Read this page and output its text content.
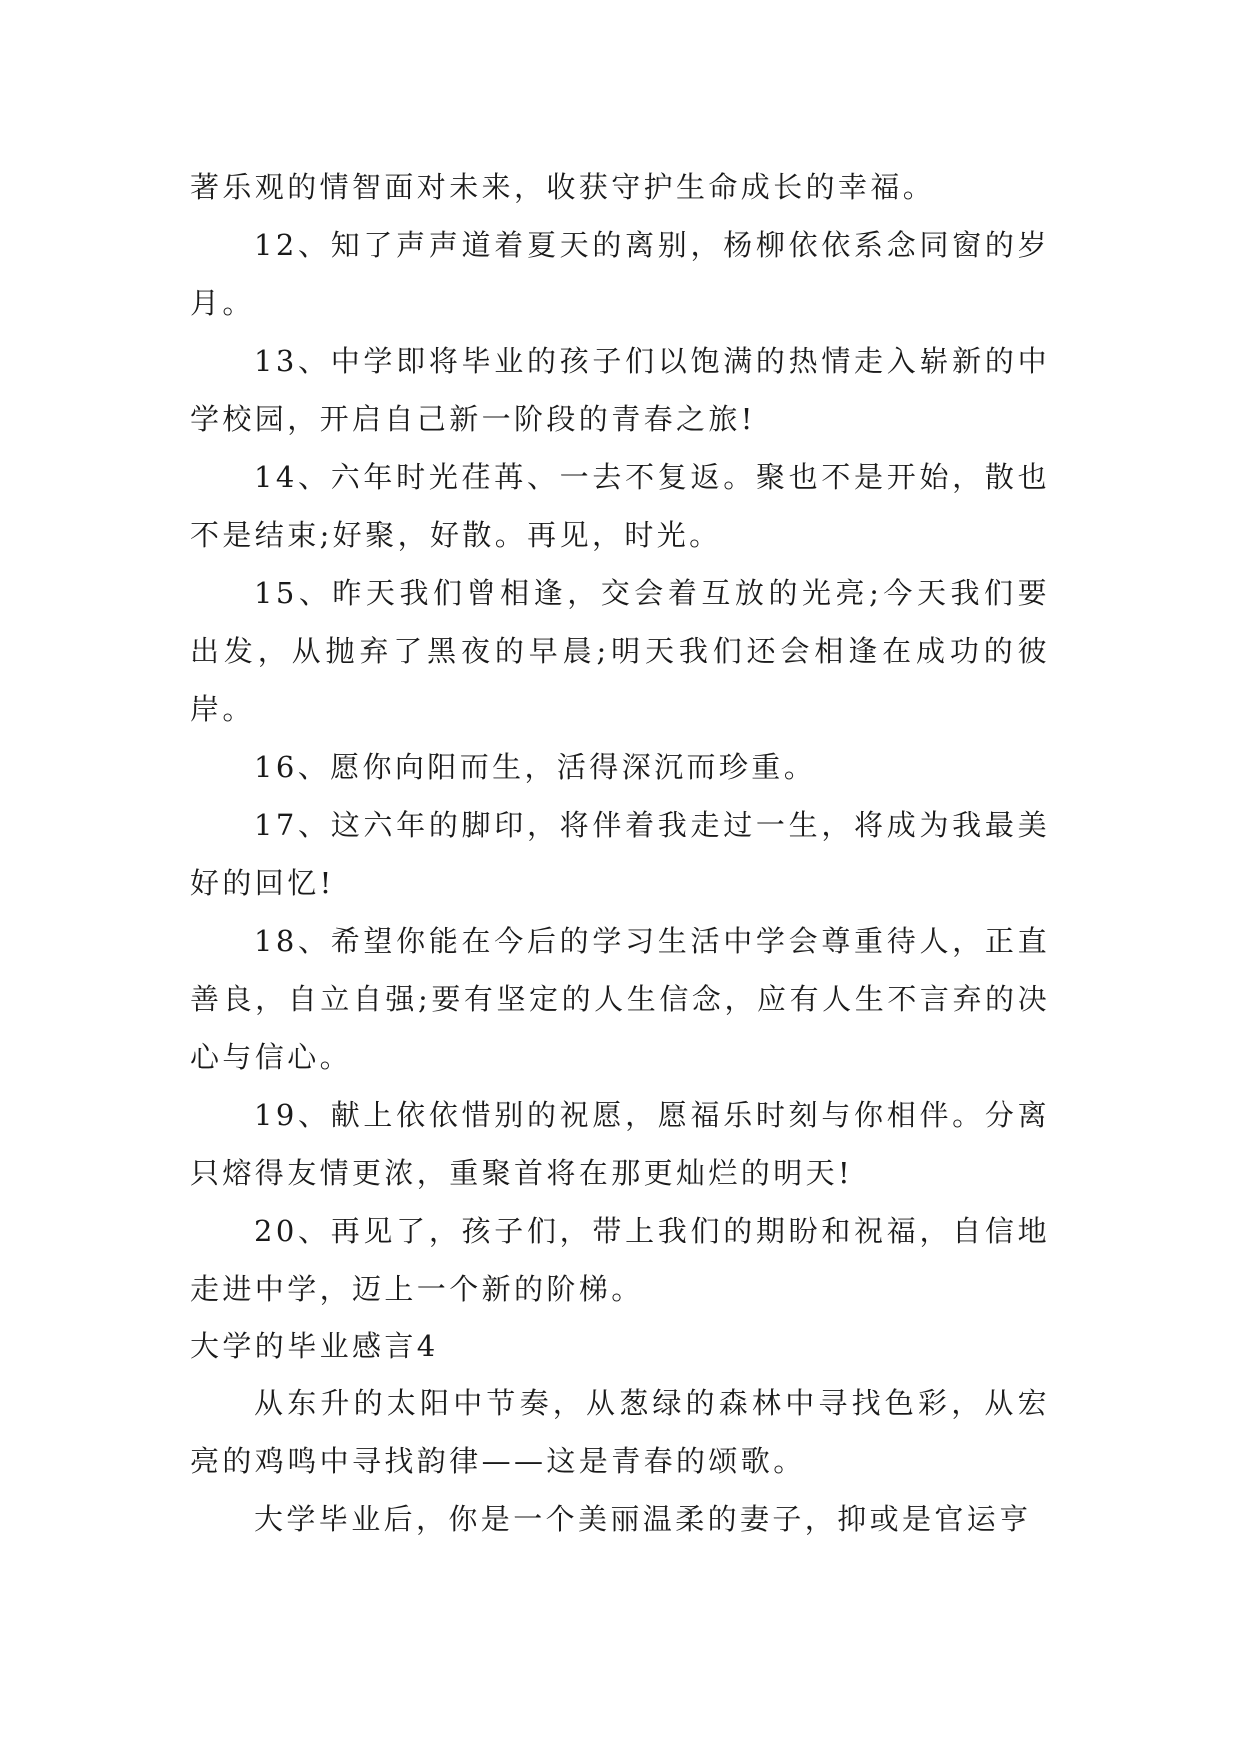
著乐观的情智面对未来，收获守护生命成长的幸福。

12、知了声声道着夏天的离别，杨柳依依系念同窗的岁月。

13、中学即将毕业的孩子们以饱满的热情走入崭新的中学校园，开启自己新一阶段的青春之旅!

14、六年时光荏苒、一去不复返。聚也不是开始，散也不是结束;好聚，好散。再见，时光。

15、昨天我们曾相逢，交会着互放的光亮;今天我们要出发，从抛弃了黑夜的早晨;明天我们还会相逢在成功的彼岸。

16、愿你向阳而生，活得深沉而珍重。

17、这六年的脚印，将伴着我走过一生，将成为我最美好的回忆!

18、希望你能在今后的学习生活中学会尊重待人，正直善良，自立自强;要有坚定的人生信念，应有人生不言弃的决心与信心。

19、献上依依惜别的祝愿，愿福乐时刻与你相伴。分离只熔得友情更浓，重聚首将在那更灿烂的明天!

20、再见了，孩子们，带上我们的期盼和祝福，自信地走进中学，迈上一个新的阶梯。

大学的毕业感言4

从东升的太阳中节奏，从葱绿的森林中寻找色彩，从宏亮的鸡鸣中寻找韵律——这是青春的颂歌。

大学毕业后，你是一个美丽温柔的妻子，抑或是官运亨
